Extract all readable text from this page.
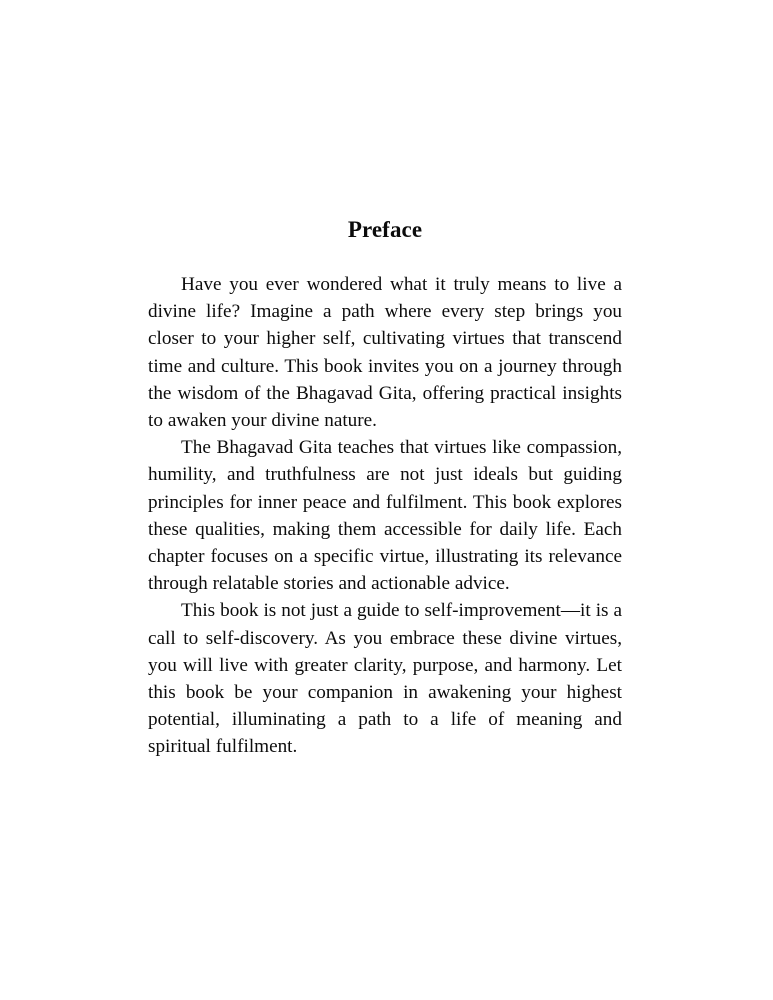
Preface

Have you ever wondered what it truly means to live a divine life? Imagine a path where every step brings you closer to your higher self, cultivating virtues that transcend time and culture. This book invites you on a journey through the wisdom of the Bhagavad Gita, offering practical insights to awaken your divine nature.

The Bhagavad Gita teaches that virtues like compassion, humility, and truthfulness are not just ideals but guiding principles for inner peace and fulfilment. This book explores these qualities, making them accessible for daily life. Each chapter focuses on a specific virtue, illustrating its relevance through relatable stories and actionable advice.

This book is not just a guide to self-improvement—it is a call to self-discovery. As you embrace these divine virtues, you will live with greater clarity, purpose, and harmony. Let this book be your companion in awakening your highest potential, illuminating a path to a life of meaning and spiritual fulfilment.
